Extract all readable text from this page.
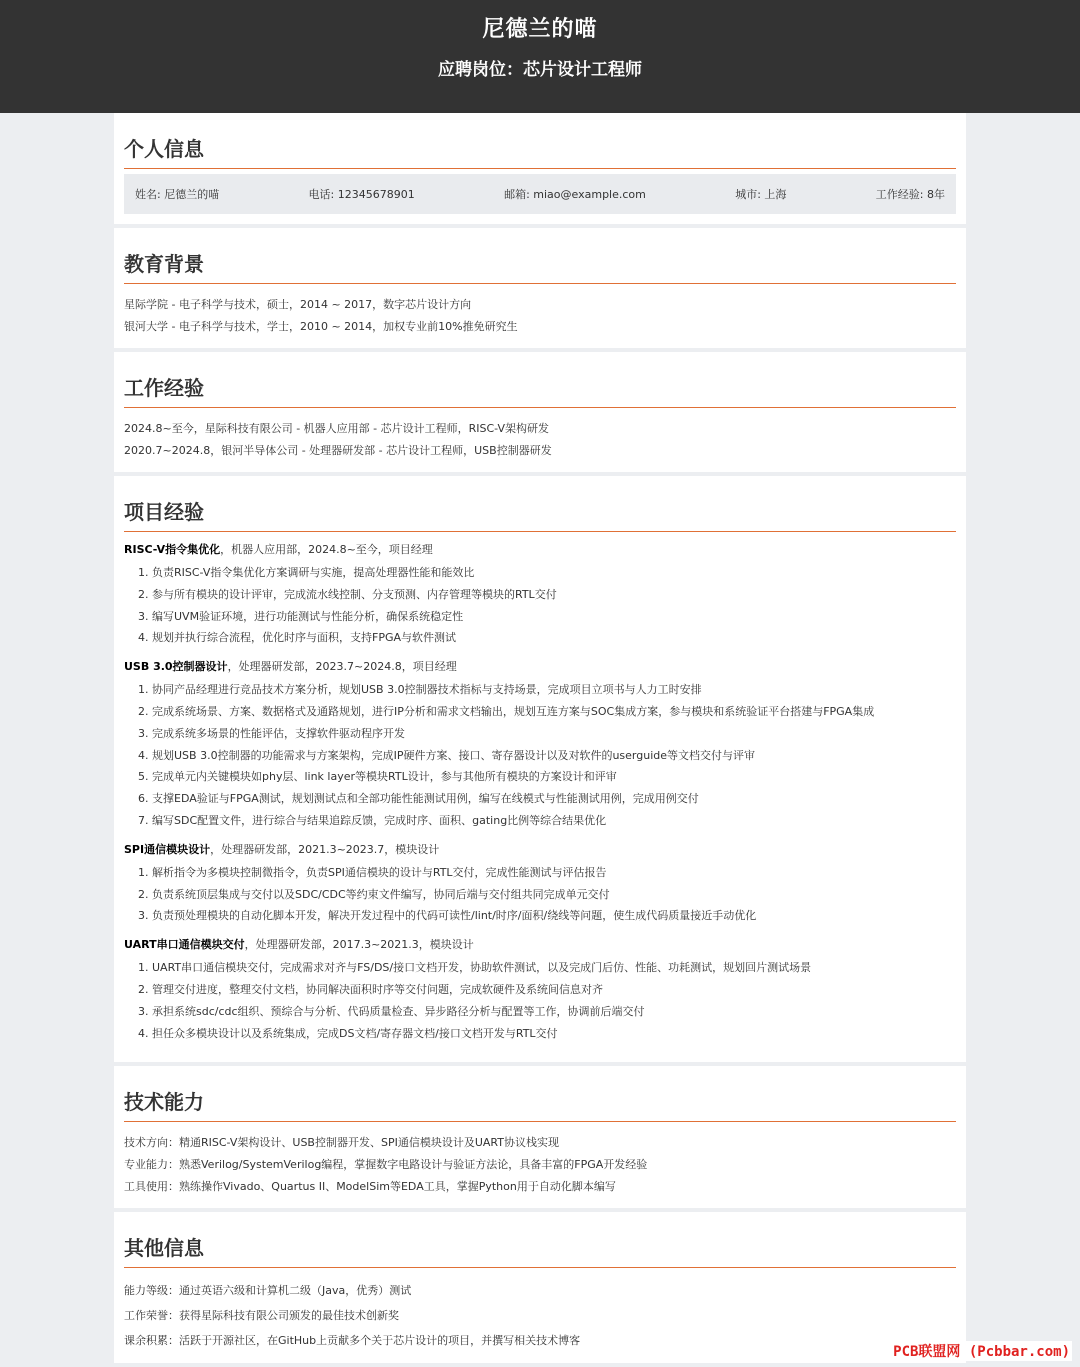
尼德兰的喵
应聘岗位：芯片设计工程师
个人信息
姓名: 尼德兰的喵	电话: 12345678901	邮箱: miao@example.com	城市: 上海	工作经验: 8年
教育背景
星际学院 - 电子科学与技术，硕士，2014 ~ 2017，数字芯片设计方向
银河大学 - 电子科学与技术，学士，2010 ~ 2014，加权专业前10%推免研究生
工作经验
2024.8~至今，星际科技有限公司 - 机器人应用部 - 芯片设计工程师，RISC-V架构研发
2020.7~2024.8，银河半导体公司 - 处理器研发部 - 芯片设计工程师，USB控制器研发
项目经验
RISC-V指令集优化，机器人应用部，2024.8~至今，项目经理
1. 负责RISC-V指令集优化方案调研与实施，提高处理器性能和能效比
2. 参与所有模块的设计评审，完成流水线控制、分支预测、内存管理等模块的RTL交付
3. 编写UVM验证环境，进行功能测试与性能分析，确保系统稳定性
4. 规划并执行综合流程，优化时序与面积，支持FPGA与软件测试
USB 3.0控制器设计，处理器研发部，2023.7~2024.8，项目经理
1. 协同产品经理进行竞品技术方案分析，规划USB 3.0控制器技术指标与支持场景，完成项目立项书与人力工时安排
2. 完成系统场景、方案、数据格式及通路规划，进行IP分析和需求文档输出，规划互连方案与SOC集成方案，参与模块和系统验证平台搭建与FPGA集成
3. 完成系统多场景的性能评估，支撑软件驱动程序开发
4. 规划USB 3.0控制器的功能需求与方案架构，完成IP硬件方案、接口、寄存器设计以及对软件的userguide等文档交付与评审
5. 完成单元内关键模块如phy层、link layer等模块RTL设计，参与其他所有模块的方案设计和评审
6. 支撑EDA验证与FPGA测试，规划测试点和全部功能性能测试用例，编写在线模式与性能测试用例，完成用例交付
7. 编写SDC配置文件，进行综合与结果追踪反馈，完成时序、面积、gating比例等综合结果优化
SPI通信模块设计，处理器研发部，2021.3~2023.7，模块设计
1. 解析指令为多模块控制微指令，负责SPI通信模块的设计与RTL交付，完成性能测试与评估报告
2. 负责系统顶层集成与交付以及SDC/CDC等约束文件编写，协同后端与交付组共同完成单元交付
3. 负责预处理模块的自动化脚本开发，解决开发过程中的代码可读性/lint/时序/面积/绕线等问题，使生成代码质量接近手动优化
UART串口通信模块交付，处理器研发部，2017.3~2021.3，模块设计
1. UART串口通信模块交付，完成需求对齐与FS/DS/接口文档开发，协助软件测试，以及完成门后仿、性能、功耗测试，规划回片测试场景
2. 管理交付进度，整理交付文档，协同解决面积时序等交付问题，完成软硬件及系统间信息对齐
3. 承担系统sdc/cdc组织、预综合与分析、代码质量检查、异步路径分析与配置等工作，协调前后端交付
4. 担任众多模块设计以及系统集成，完成DS文档/寄存器文档/接口文档开发与RTL交付
技术能力
技术方向：精通RISC-V架构设计、USB控制器开发、SPI通信模块设计及UART协议栈实现
专业能力：熟悉Verilog/SystemVerilog编程，掌握数字电路设计与验证方法论，具备丰富的FPGA开发经验
工具使用：熟练操作Vivado、Quartus II、ModelSim等EDA工具，掌握Python用于自动化脚本编写
其他信息
能力等级：通过英语六级和计算机二级（Java，优秀）测试
工作荣誉：获得星际科技有限公司颁发的最佳技术创新奖
课余积累：活跃于开源社区，在GitHub上贡献多个关于芯片设计的项目，并撰写相关技术博客
PCB联盟网 (Pcbbar.com)
